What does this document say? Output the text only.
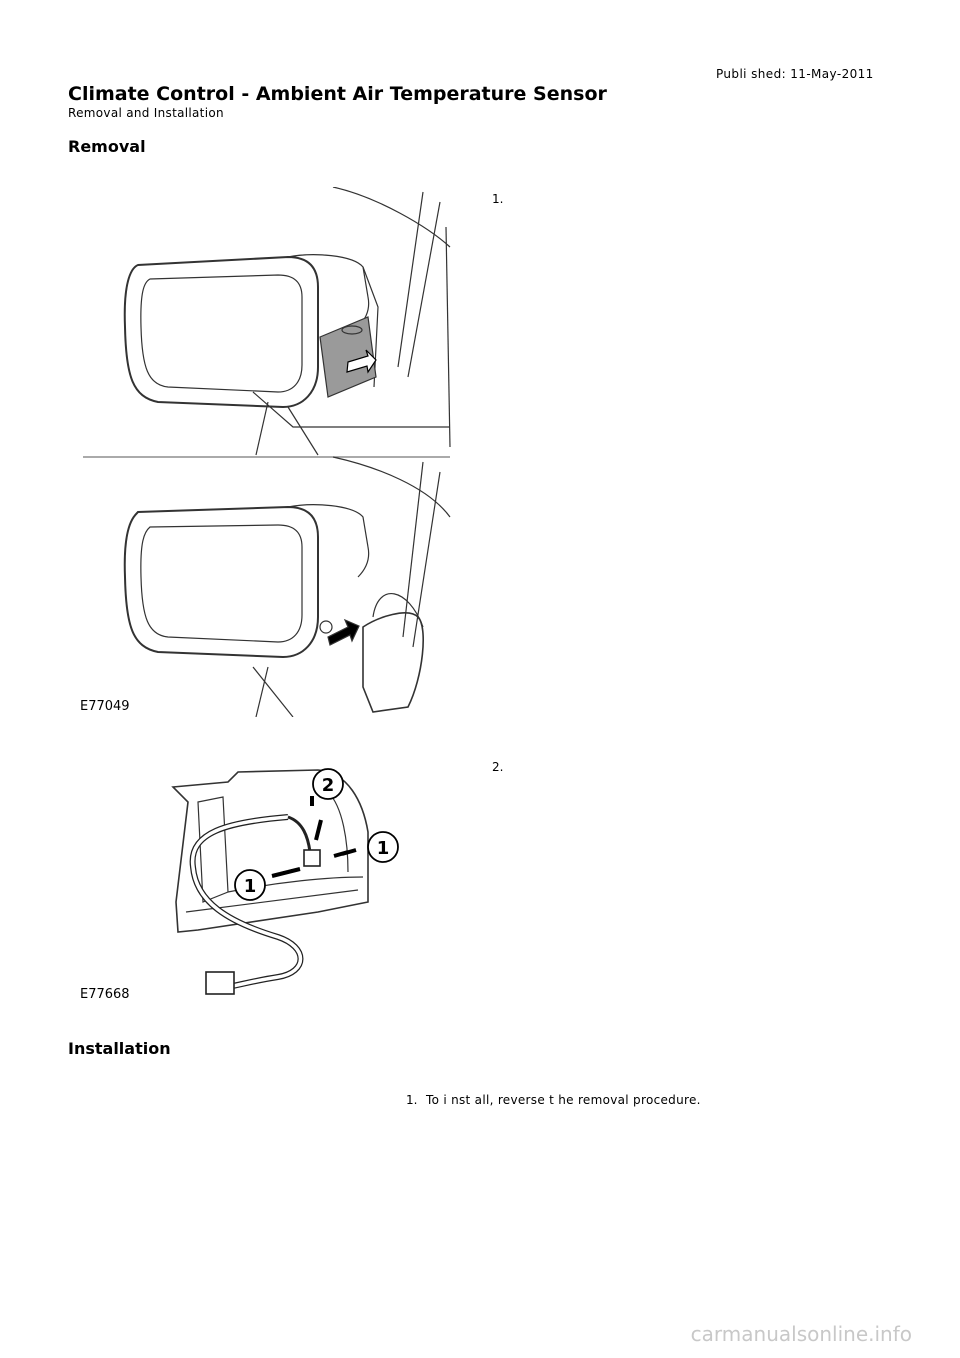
Publi shed: 11-May-2011
Climate Control - Ambient Air Temperature Sensor
Removal and Installation
Removal
E77049
1.
2
1
1
E77668
2.
Installation
1. To i nst all, reverse t he removal procedure.
carmanualsonline.info
